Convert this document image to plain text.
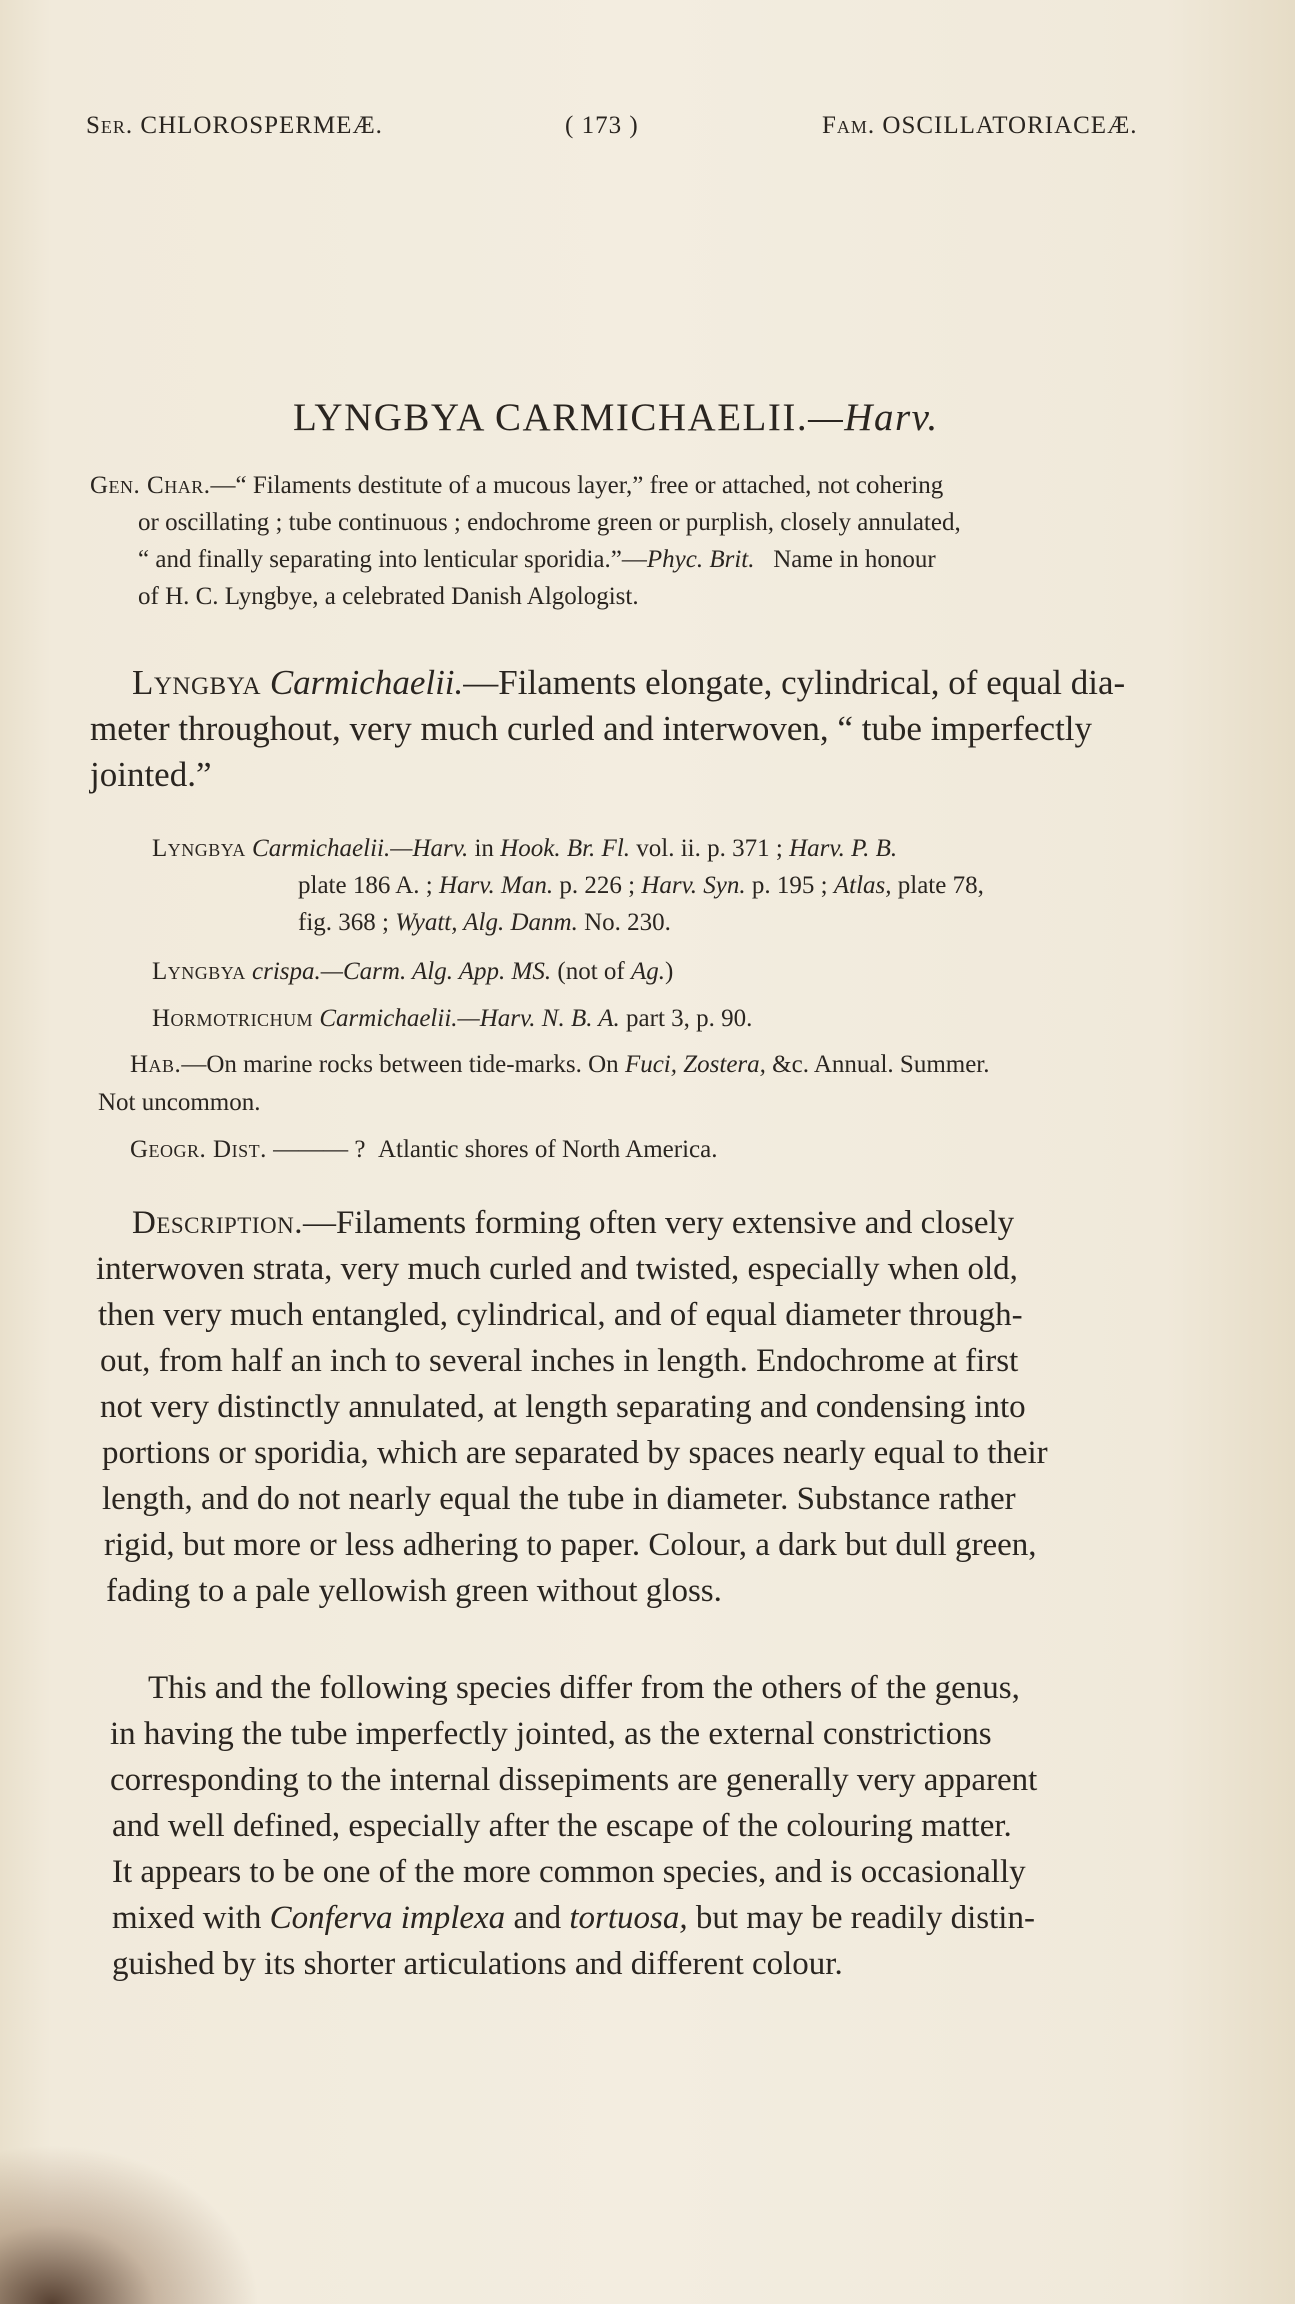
Ser. CHLOROSPERMEÆ.	( 173 )	Fam. OSCILLATORIACEÆ.
LYNGBYA CARMICHAELII.—Harv.
Gen. Char.—“ Filaments destitute of a mucous layer,” free or attached, not cohering
or oscillating ; tube continuous ; endochrome green or purplish, closely annulated,
“ and finally separating into lenticular sporidia.”—Phyc. Brit. Name in honour
of H. C. Lyngbye, a celebrated Danish Algologist.
Lyngbya Carmichaelii.—Filaments elongate, cylindrical, of equal dia-
meter throughout, very much curled and interwoven, “ tube imperfectly
jointed.”
Lyngbya Carmichaelii.—Harv. in Hook. Br. Fl. vol. ii. p. 371 ; Harv. P. B.
plate 186 A. ; Harv. Man. p. 226 ; Harv. Syn. p. 195 ; Atlas, plate 78,
fig. 368 ; Wyatt, Alg. Danm. No. 230.
Lyngbya crispa.—Carm. Alg. App. MS. (not of Ag.)
Hormotrichum Carmichaelii.—Harv. N. B. A. part 3, p. 90.
Hab.—On marine rocks between tide-marks. On Fuci, Zostera, &c. Annual. Summer.
Not uncommon.
Geogr. Dist. ——— ? Atlantic shores of North America.
Description.—Filaments forming often very extensive and closely
interwoven strata, very much curled and twisted, especially when old,
then very much entangled, cylindrical, and of equal diameter through-
out, from half an inch to several inches in length. Endochrome at first
not very distinctly annulated, at length separating and condensing into
portions or sporidia, which are separated by spaces nearly equal to their
length, and do not nearly equal the tube in diameter. Substance rather
rigid, but more or less adhering to paper. Colour, a dark but dull green,
fading to a pale yellowish green without gloss.
This and the following species differ from the others of the genus,
in having the tube imperfectly jointed, as the external constrictions
corresponding to the internal dissepiments are generally very apparent
and well defined, especially after the escape of the colouring matter.
It appears to be one of the more common species, and is occasionally
mixed with Conferva implexa and tortuosa, but may be readily distin-
guished by its shorter articulations and different colour.
